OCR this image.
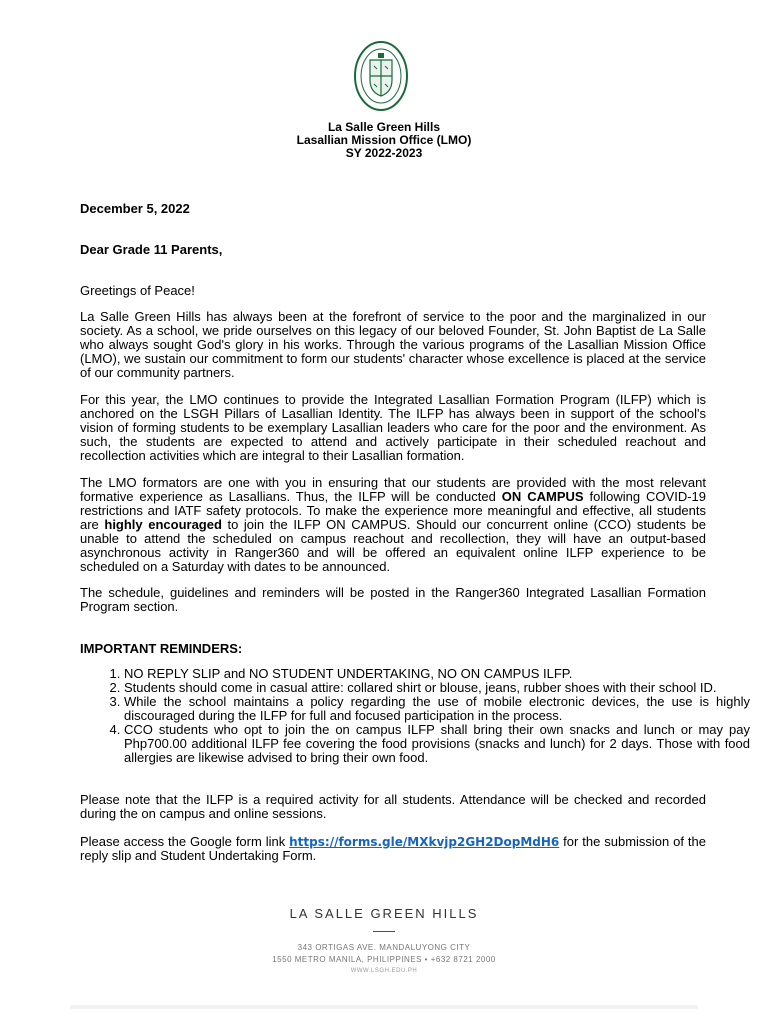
La Salle Green Hills
Lasallian Mission Office (LMO)
SY 2022-2023
December 5, 2022
Dear Grade 11 Parents,
Greetings of Peace!
La Salle Green Hills has always been at the forefront of service to the poor and the marginalized in our society. As a school, we pride ourselves on this legacy of our beloved Founder, St. John Baptist de La Salle who always sought God's glory in his works. Through the various programs of the Lasallian Mission Office (LMO), we sustain our commitment to form our students' character whose excellence is placed at the service of our community partners.
For this year, the LMO continues to provide the Integrated Lasallian Formation Program (ILFP) which is anchored on the LSGH Pillars of Lasallian Identity. The ILFP has always been in support of the school's vision of forming students to be exemplary Lasallian leaders who care for the poor and the environment. As such, the students are expected to attend and actively participate in their scheduled reachout and recollection activities which are integral to their Lasallian formation.
The LMO formators are one with you in ensuring that our students are provided with the most relevant formative experience as Lasallians. Thus, the ILFP will be conducted ON CAMPUS following COVID-19 restrictions and IATF safety protocols. To make the experience more meaningful and effective, all students are highly encouraged to join the ILFP ON CAMPUS. Should our concurrent online (CCO) students be unable to attend the scheduled on campus reachout and recollection, they will have an output-based asynchronous activity in Ranger360 and will be offered an equivalent online ILFP experience to be scheduled on a Saturday with dates to be announced.
The schedule, guidelines and reminders will be posted in the Ranger360 Integrated Lasallian Formation Program section.
IMPORTANT REMINDERS:
1. NO REPLY SLIP and NO STUDENT UNDERTAKING, NO ON CAMPUS ILFP.
2. Students should come in casual attire: collared shirt or blouse, jeans, rubber shoes with their school ID.
3. While the school maintains a policy regarding the use of mobile electronic devices, the use is highly discouraged during the ILFP for full and focused participation in the process.
4. CCO students who opt to join the on campus ILFP shall bring their own snacks and lunch or may pay Php700.00 additional ILFP fee covering the food provisions (snacks and lunch) for 2 days. Those with food allergies are likewise advised to bring their own food.
Please note that the ILFP is a required activity for all students. Attendance will be checked and recorded during the on campus and online sessions.
Please access the Google form link https://forms.gle/MXkvjp2GH2DopMdH6 for the submission of the reply slip and Student Undertaking Form.
LA SALLE GREEN HILLS
343 ORTIGAS AVE. MANDALUYONG CITY
1550 METRO MANILA, PHILIPPINES • +632 8721 2000
WWW.LSGH.EDU.PH
